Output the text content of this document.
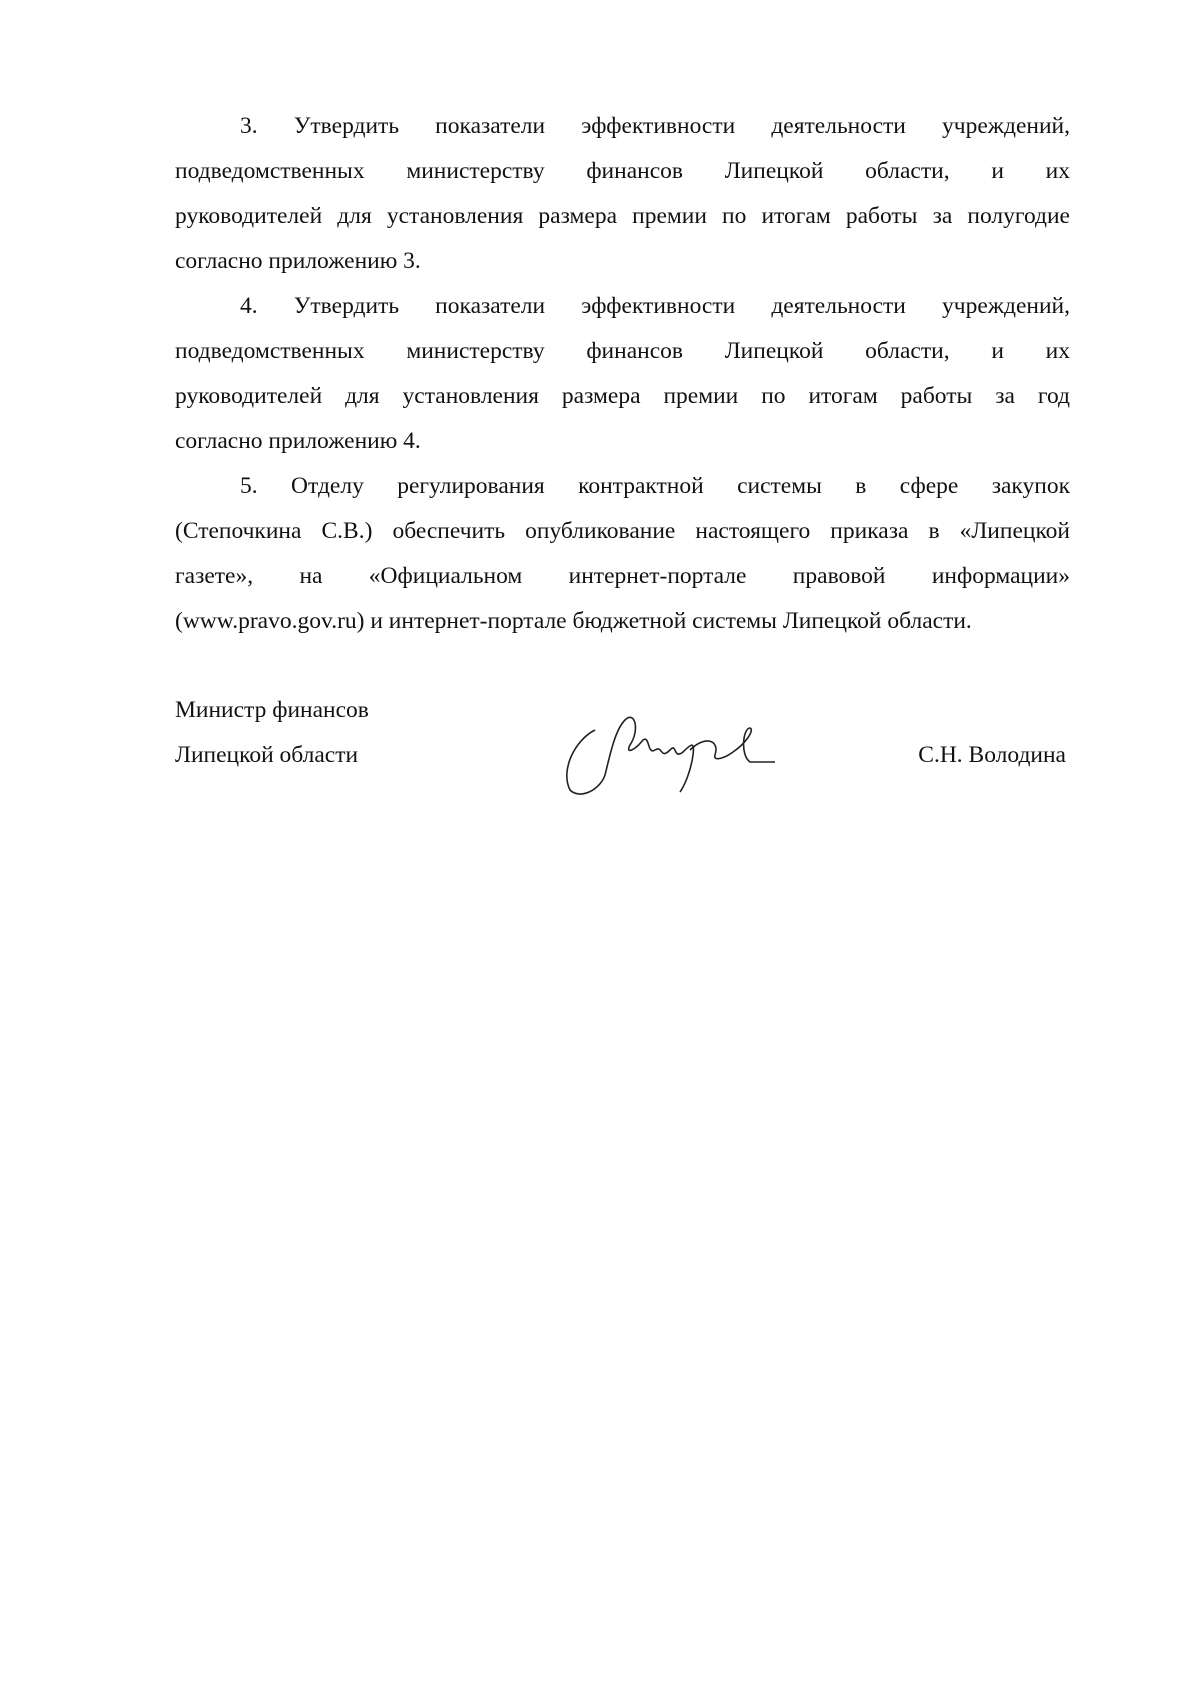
3. Утвердить показатели эффективности деятельности учреждений,
подведомственных министерству финансов Липецкой области, и их
руководителей для установления размера премии по итогам работы за полугодие
согласно приложению 3.
4. Утвердить показатели эффективности деятельности учреждений,
подведомственных министерству финансов Липецкой области, и их
руководителей для установления размера премии по итогам работы за год
согласно приложению 4.
5. Отделу регулирования контрактной системы в сфере закупок
(Степочкина С.В.) обеспечить опубликование настоящего приказа в «Липецкой
газете», на «Официальном интернет-портале правовой информации»
(www.pravo.gov.ru) и интернет-портале бюджетной системы Липецкой области.
Министр финансов
Липецкой области	С.Н. Володина
